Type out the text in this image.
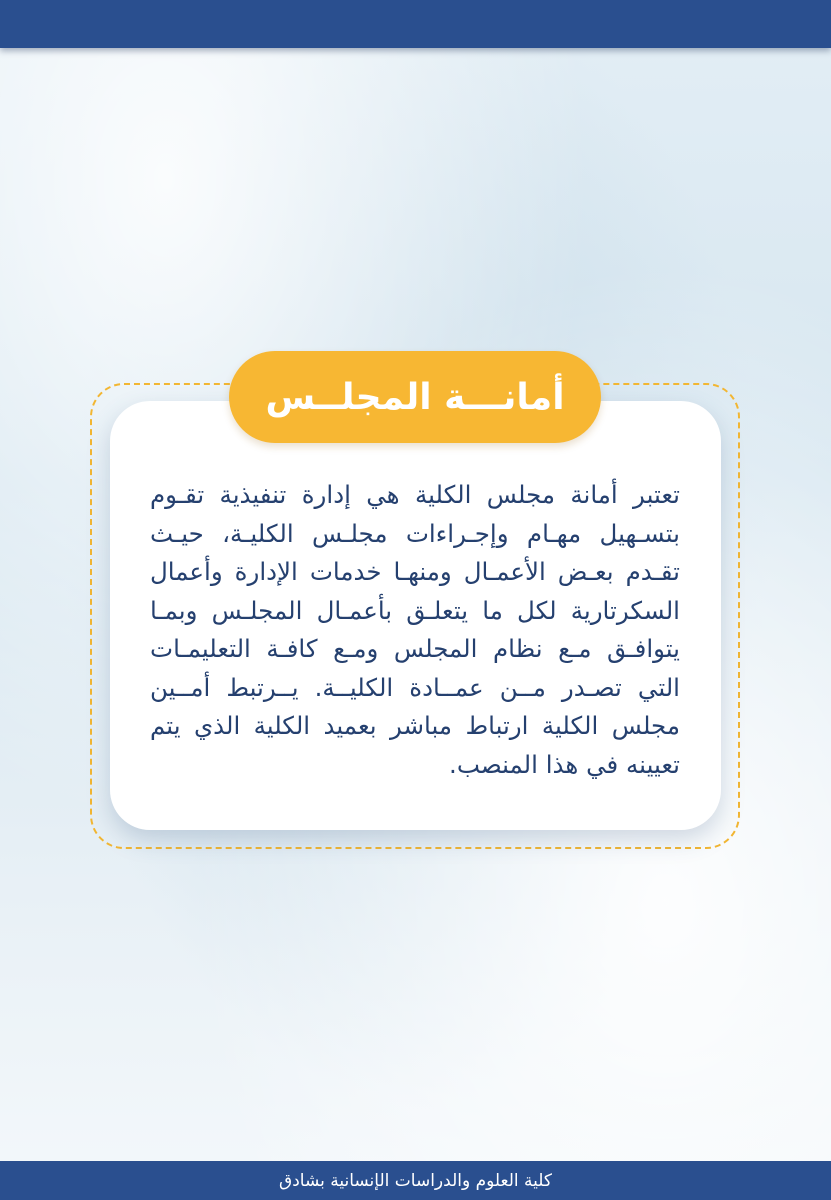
تعتبر أمانة مجلس الكلية هي إدارة تنفيذية تقـوم بتسـهيل مهـام وإجـراءات مجلـس الكليـة، حيـث تقـدم بعـض الأعمـال ومنهـا خدمات الإدارة وأعمال السكرتارية لكل ما يتعلـق بأعمـال المجلـس وبمـا يتوافـق مـع نظام المجلس ومـع كافـة التعليمـات التي تصـدر مــن عمــادة الكليــة. يــرتبط أمــين مجلس الكلية ارتباط مباشر بعميد الكلية الذي يتم تعيينه في هذا المنصب.

أمانـــة المجلــس
كلية العلوم والدراسات الإنسانية بشادق
